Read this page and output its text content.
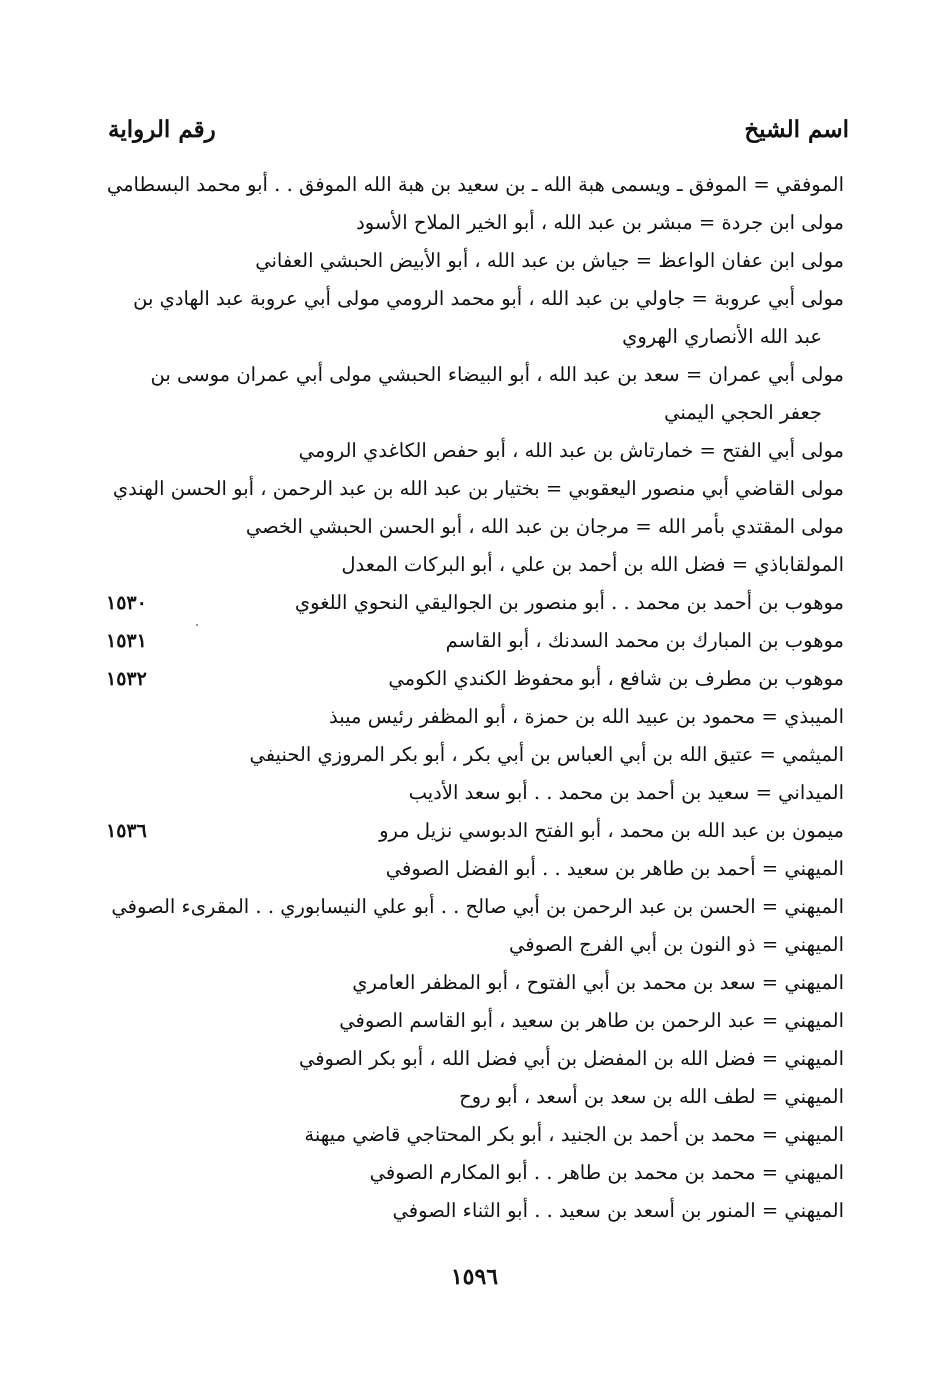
اسم الشيخ
رقم الرواية
الموفقي = الموفق ـ ويسمى هبة الله ـ بن سعيد بن هبة الله الموفق . . أبو محمد البسطامي
مولى ابن جردة = مبشر بن عبد الله ، أبو الخير الملاح الأسود
مولى ابن عفان الواعظ = جياش بن عبد الله ، أبو الأبيض الحبشي العفاني
مولى أبي عروبة = جاولي بن عبد الله ، أبو محمد الرومي مولى أبي عروبة عبد الهادي بن

عبد الله الأنصاري الهروي
مولى أبي عمران = سعد بن عبد الله ، أبو البيضاء الحبشي مولى أبي عمران موسى بن

جعفر الحجي اليمني
مولى أبي الفتح = خمارتاش بن عبد الله ، أبو حفص الكاغدي الرومي
مولى القاضي أبي منصور اليعقوبي = بختيار بن عبد الله بن عبد الرحمن ، أبو الحسن الهندي
مولى المقتدي بأمر الله = مرجان بن عبد الله ، أبو الحسن الحبشي الخصي
المولقاباذي = فضل الله بن أحمد بن علي ، أبو البركات المعدل
موهوب بن أحمد بن محمد . . أبو منصور بن الجواليقي النحوي اللغوي
١٥٣٠
موهوب بن المبارك بن محمد السدنك ، أبو القاسم
١٥٣١
موهوب بن مطرف بن شافع ، أبو محفوظ الكندي الكومي
١٥٣٢
الميبذي = محمود بن عبيد الله بن حمزة ، أبو المظفر رئيس ميبذ
الميثمي = عتيق الله بن أبي العباس بن أبي بكر ، أبو بكر المروزي الحنيفي
الميداني = سعيد بن أحمد بن محمد . . أبو سعد الأديب
ميمون بن عبد الله بن محمد ، أبو الفتح الدبوسي نزيل مرو
١٥٣٦
الميهني = أحمد بن طاهر بن سعيد . . أبو الفضل الصوفي
الميهني = الحسن بن عبد الرحمن بن أبي صالح . . أبو علي النيسابوري . . المقرىء الصوفي
الميهني = ذو النون بن أبي الفرج الصوفي
الميهني = سعد بن محمد بن أبي الفتوح ، أبو المظفر العامري
الميهني = عبد الرحمن بن طاهر بن سعيد ، أبو القاسم الصوفي
الميهني = فضل الله بن المفضل بن أبي فضل الله ، أبو بكر الصوفي
الميهني = لطف الله بن سعد بن أسعد ، أبو روح
الميهني = محمد بن أحمد بن الجنيد ، أبو بكر المحتاجي قاضي ميهنة
الميهني = محمد بن محمد بن طاهر . . أبو المكارم الصوفي
الميهني = المنور بن أسعد بن سعيد . . أبو الثناء الصوفي
١٥٩٦
